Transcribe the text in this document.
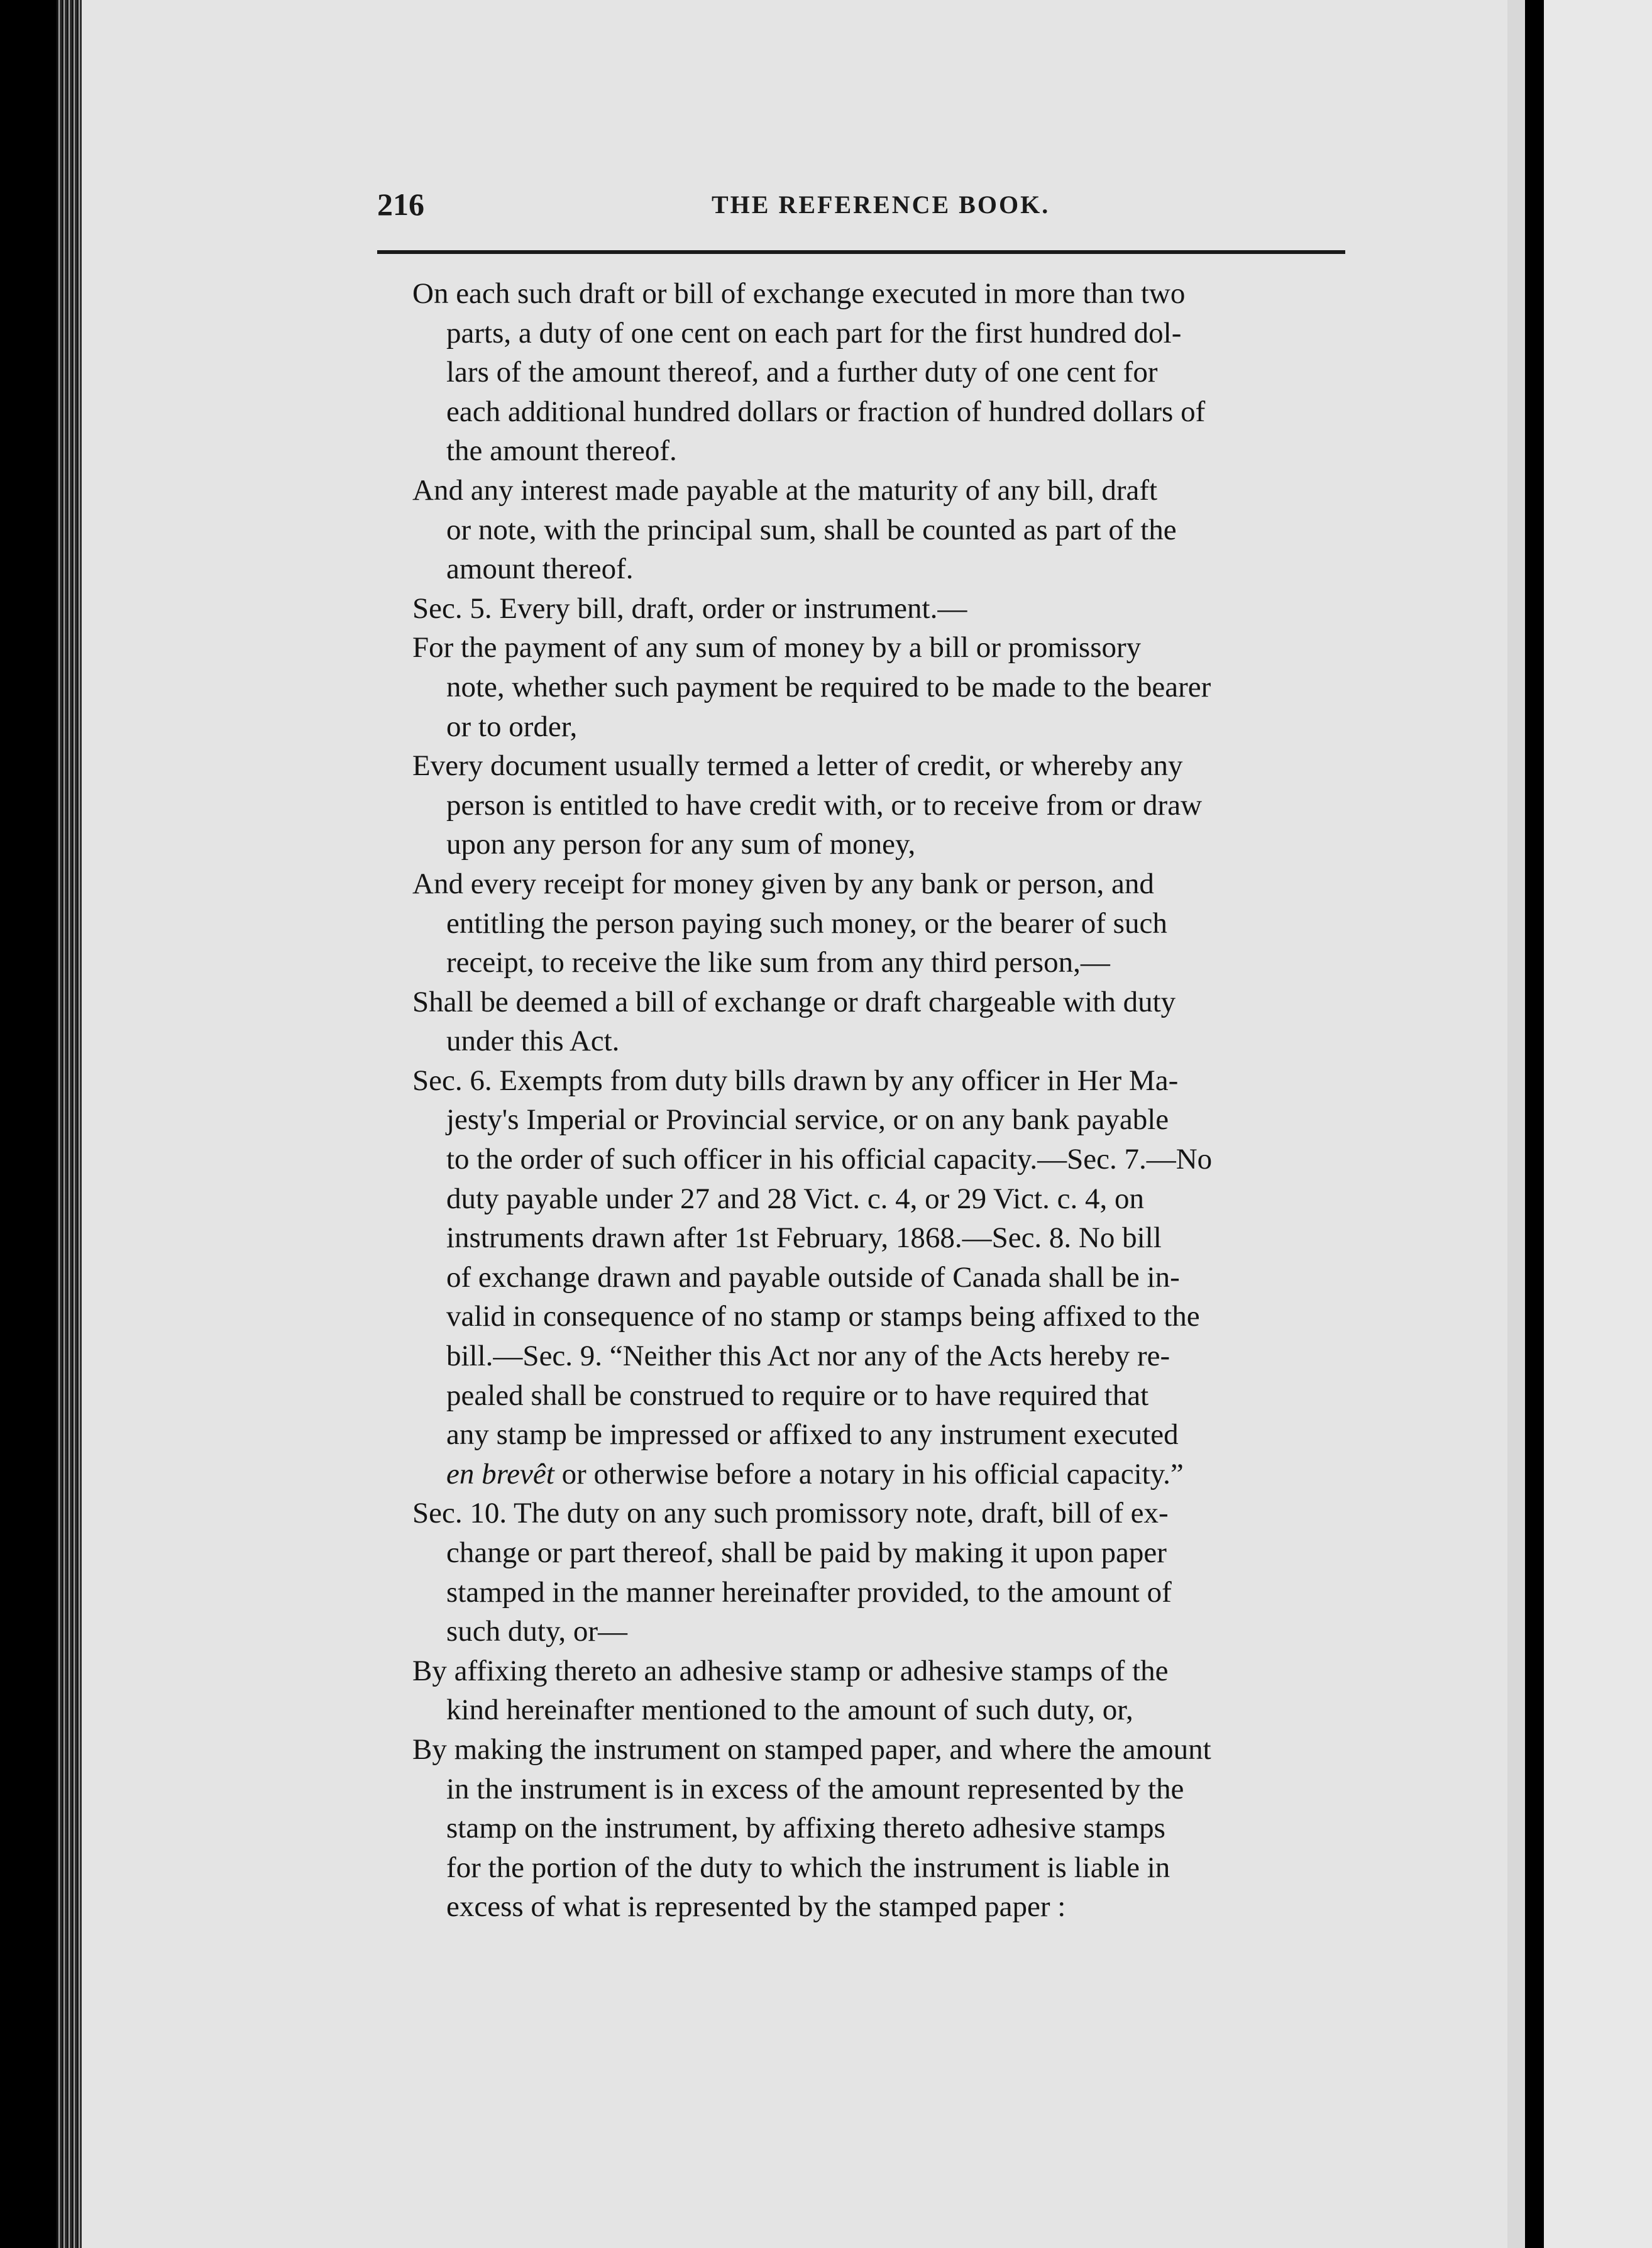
216	THE REFERENCE BOOK.

On each such draft or bill of exchange executed in more than two
parts, a duty of one cent on each part for the first hundred dol-
lars of the amount thereof, and a further duty of one cent for
each additional hundred dollars or fraction of hundred dollars of
the amount thereof.

And any interest made payable at the maturity of any bill, draft
or note, with the principal sum, shall be counted as part of the
amount thereof.

Sec. 5. Every bill, draft, order or instrument.—

For the payment of any sum of money by a bill or promissory
note, whether such payment be required to be made to the bearer
or to order,

Every document usually termed a letter of credit, or whereby any
person is entitled to have credit with, or to receive from or draw
upon any person for any sum of money,

And every receipt for money given by any bank or person, and
entitling the person paying such money, or the bearer of such
receipt, to receive the like sum from any third person,—

Shall be deemed a bill of exchange or draft chargeable with duty
under this Act.

Sec. 6. Exempts from duty bills drawn by any officer in Her Ma-
jesty's Imperial or Provincial service, or on any bank payable
to the order of such officer in his official capacity.—Sec. 7.—No
duty payable under 27 and 28 Vict. c. 4, or 29 Vict. c. 4, on
instruments drawn after 1st February, 1868.—Sec. 8. No bill
of exchange drawn and payable outside of Canada shall be in-
valid in consequence of no stamp or stamps being affixed to the
bill.—Sec. 9. “Neither this Act nor any of the Acts hereby re-
pealed shall be construed to require or to have required that
any stamp be impressed or affixed to any instrument executed
en brevêt or otherwise before a notary in his official capacity.”

Sec. 10. The duty on any such promissory note, draft, bill of ex-
change or part thereof, shall be paid by making it upon paper
stamped in the manner hereinafter provided, to the amount of
such duty, or—

By affixing thereto an adhesive stamp or adhesive stamps of the
kind hereinafter mentioned to the amount of such duty, or,

By making the instrument on stamped paper, and where the amount
in the instrument is in excess of the amount represented by the
stamp on the instrument, by affixing thereto adhesive stamps
for the portion of the duty to which the instrument is liable in
excess of what is represented by the stamped paper :
